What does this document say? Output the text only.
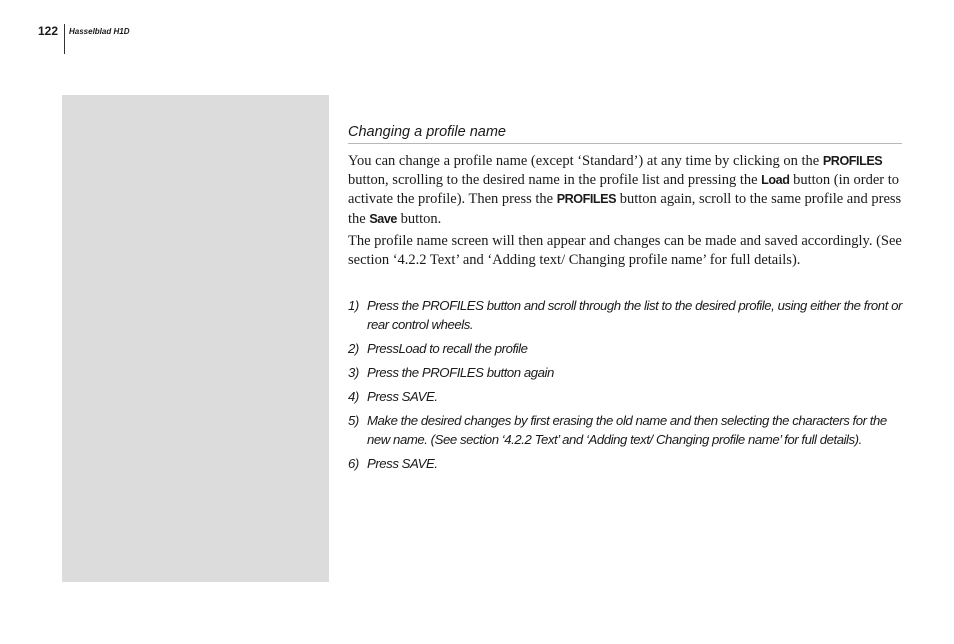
122 Hasselblad H1D
Changing a profile name

You can change a profile name (except ‘Standard’) at any time by clicking on the PROFILES button, scrolling to the desired name in the profile list and pressing the Load button (in order to activate the profile). Then press the PROFILES button again, scroll to the same profile and press the Save button.

The profile name screen will then appear and changes can be made and saved accordingly. (See section ‘4.2.2 Text’ and ‘Adding text/ Changing profile name’ for full details).

1) Press the PROFILES button and scroll through the list to the desired profile, using either the front or rear control wheels.
2) PressLoad to recall the profile
3) Press the PROFILES button again
4) Press SAVE.
5) Make the desired changes by first erasing the old name and then selecting the characters for the new name. (See section ‘4.2.2 Text’ and ‘Adding text/ Changing profile name’ for full details).
6) Press SAVE.
